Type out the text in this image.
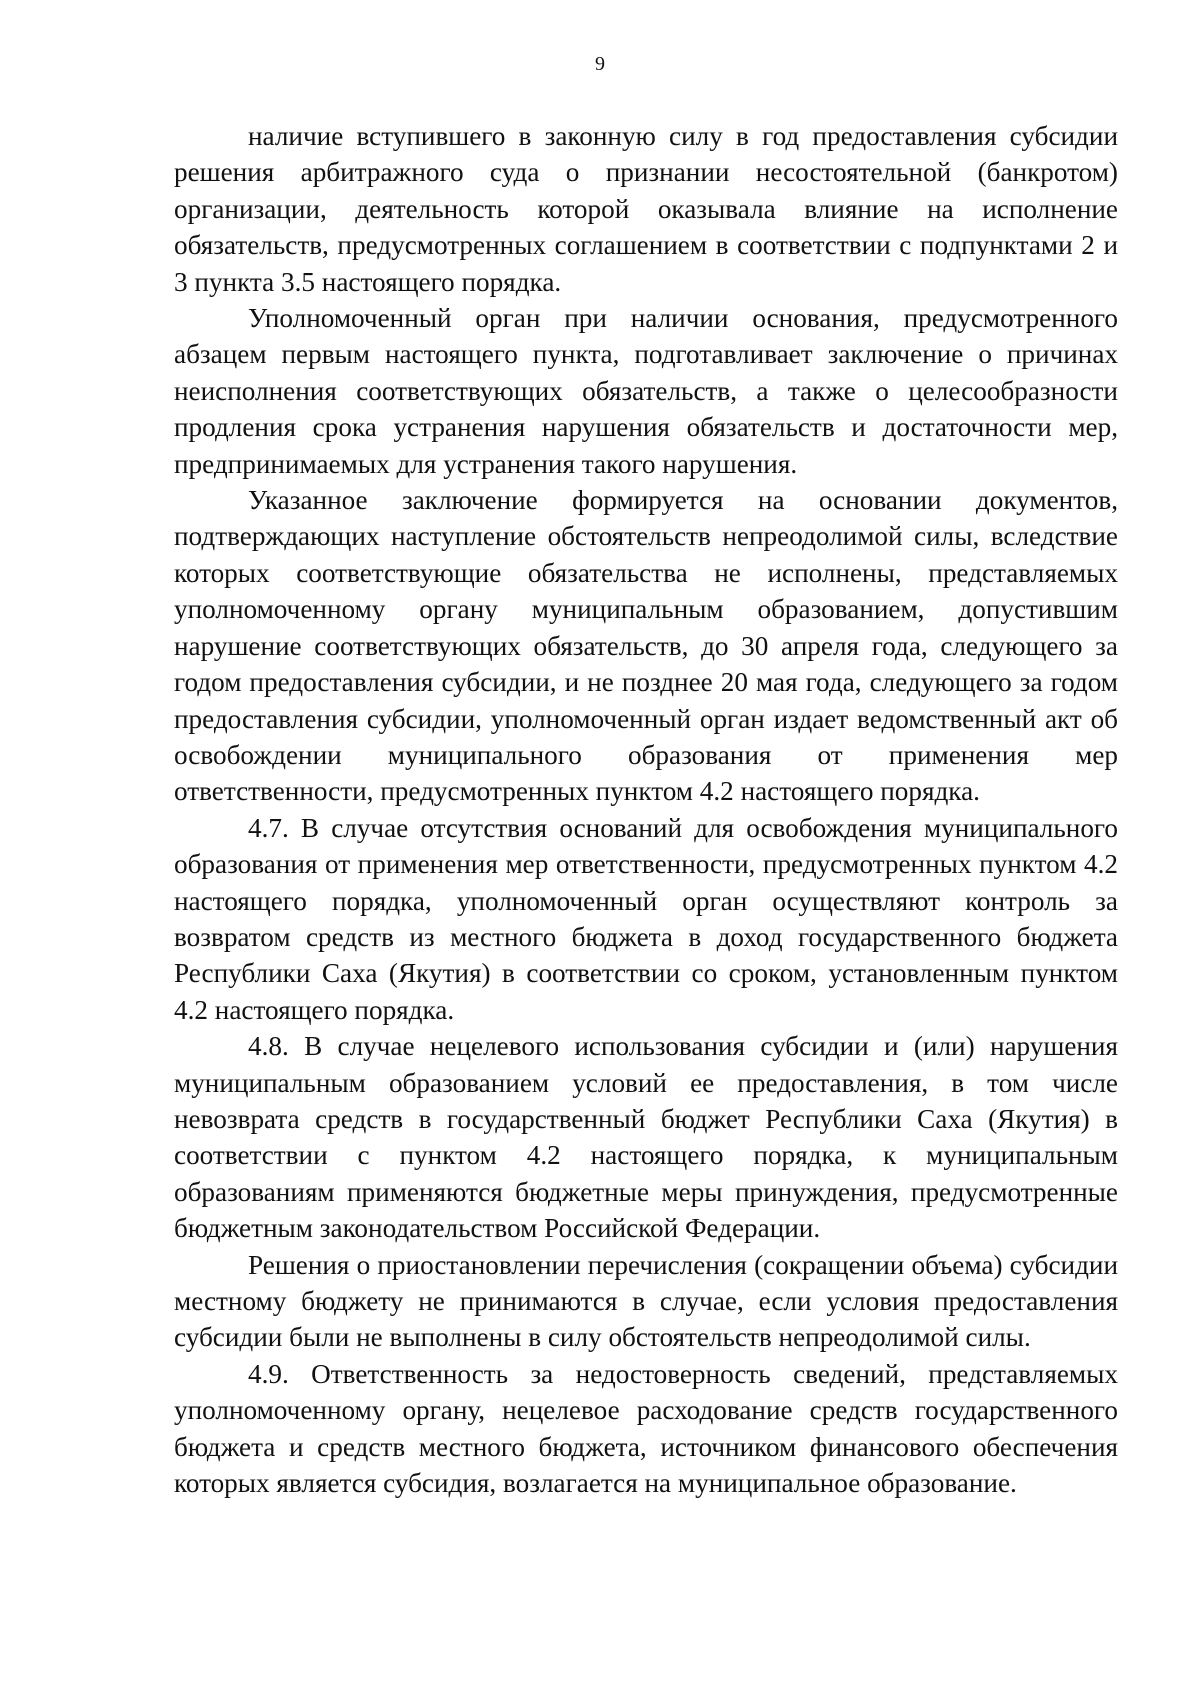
9

наличие вступившего в законную силу в год предоставления субсидии решения арбитражного суда о признании несостоятельной (банкротом) организации, деятельность которой оказывала влияние на исполнение обязательств, предусмотренных соглашением в соответствии с подпунктами 2 и 3 пункта 3.5 настоящего порядка.

Уполномоченный орган при наличии основания, предусмотренного абзацем первым настоящего пункта, подготавливает заключение о причинах неисполнения соответствующих обязательств, а также о целесообразности продления срока устранения нарушения обязательств и достаточности мер, предпринимаемых для устранения такого нарушения.

Указанное заключение формируется на основании документов, подтверждающих наступление обстоятельств непреодолимой силы, вследствие которых соответствующие обязательства не исполнены, представляемых уполномоченному органу муниципальным образованием, допустившим нарушение соответствующих обязательств, до 30 апреля года, следующего за годом предоставления субсидии, и не позднее 20 мая года, следующего за годом предоставления субсидии, уполномоченный орган издает ведомственный акт об освобождении муниципального образования от применения мер ответственности, предусмотренных пунктом 4.2 настоящего порядка.

4.7. В случае отсутствия оснований для освобождения муниципального образования от применения мер ответственности, предусмотренных пунктом 4.2 настоящего порядка, уполномоченный орган осуществляют контроль за возвратом средств из местного бюджета в доход государственного бюджета Республики Саха (Якутия) в соответствии со сроком, установленным пунктом 4.2 настоящего порядка.

4.8. В случае нецелевого использования субсидии и (или) нарушения муниципальным образованием условий ее предоставления, в том числе невозврата средств в государственный бюджет Республики Саха (Якутия) в соответствии с пунктом 4.2 настоящего порядка, к муниципальным образованиям применяются бюджетные меры принуждения, предусмотренные бюджетным законодательством Российской Федерации.

Решения о приостановлении перечисления (сокращении объема) субсидии местному бюджету не принимаются в случае, если условия предоставления субсидии были не выполнены в силу обстоятельств непреодолимой силы.

4.9. Ответственность за недостоверность сведений, представляемых уполномоченному органу, нецелевое расходование средств государственного бюджета и средств местного бюджета, источником финансового обеспечения которых является субсидия, возлагается на муниципальное образование.
